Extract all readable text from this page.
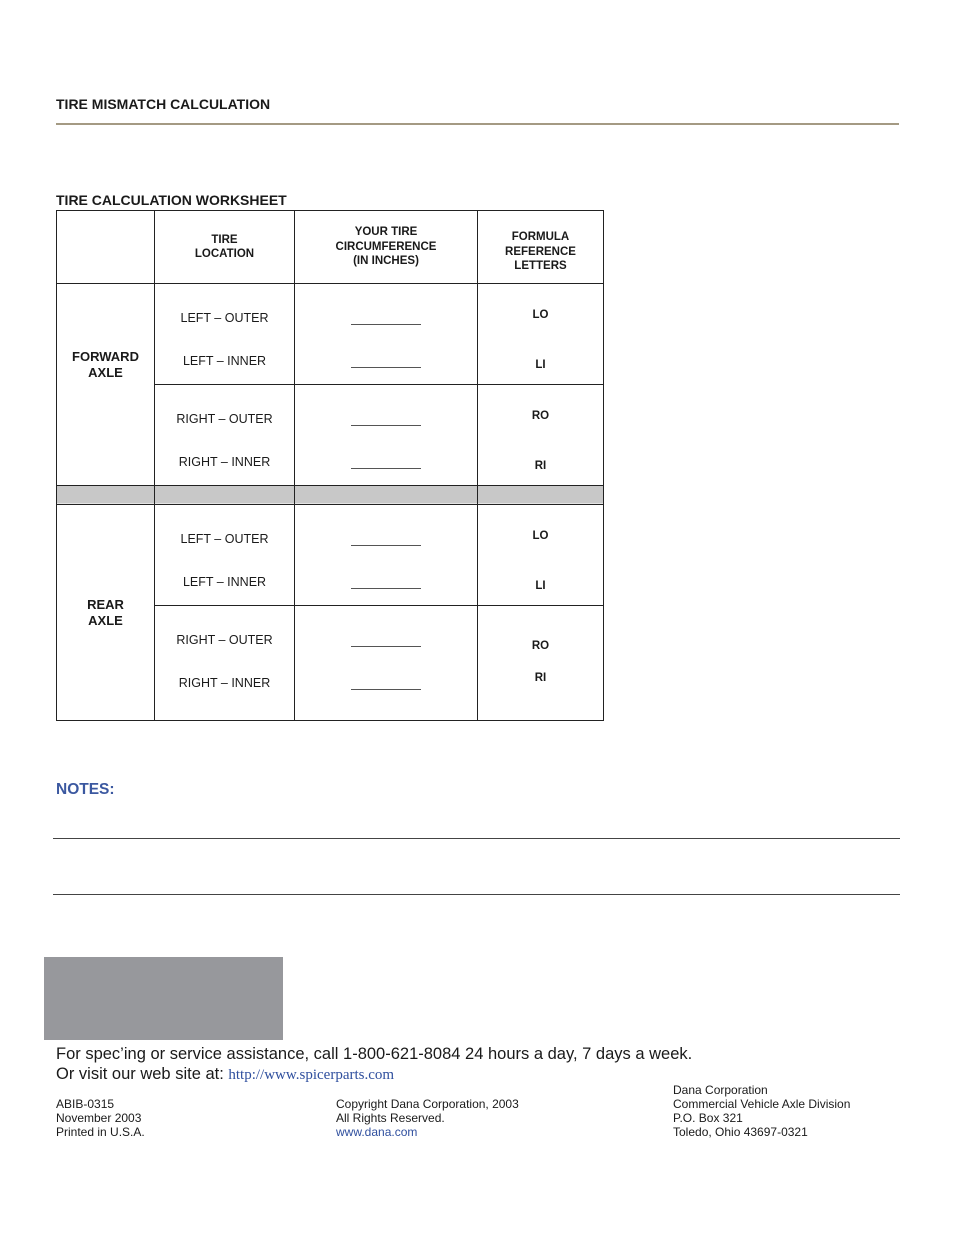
TIRE MISMATCH CALCULATION
TIRE CALCULATION WORKSHEET
TIRE
LOCATION
YOUR TIRE
CIRCUMFERENCE
(IN INCHES)
FORMULA
REFERENCE
LETTERS
FORWARD
AXLE
LEFT – OUTER
LEFT – INNER
RIGHT – OUTER
RIGHT – INNER
LO
LI
RO
RI
REAR
AXLE
LEFT – OUTER
LEFT – INNER
RIGHT – OUTER
RIGHT – INNER
LO
LI
RO
RI
NOTES:
For spec’ing or service assistance, call 1-800-621-8084 24 hours a day, 7 days a week.
Or visit our web site at: http://www.spicerparts.com
ABIB-0315
November 2003
Printed in U.S.A.
Copyright Dana Corporation, 2003
All Rights Reserved.
www.dana.com
Dana Corporation
Commercial Vehicle Axle Division
P.O. Box 321
Toledo, Ohio 43697-0321
